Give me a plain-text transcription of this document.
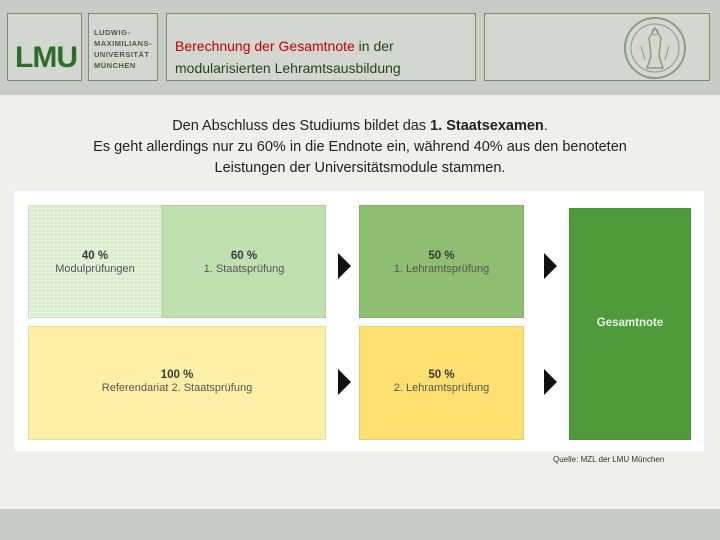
LMU
LUDWIG-
MAXIMILIANS-
UNIVERSITÄT
MÜNCHEN
Berechnung der Gesamtnote in der
modularisierten Lehramtsausbildung
Den Abschluss des Studiums bildet das 1. Staatsexamen.
Es geht allerdings nur zu 60% in die Endnote ein, während 40% aus den benoteten
Leistungen der Universitätsmodule stammen.
40 %
Modulprüfungen
60 %
1. Staatsprüfung
50 %
1. Lehramtsprüfung
Gesamtnote
100 %
Referendariat 2. Staatsprüfung
50 %
2. Lehramtsprüfung
Quelle: MZL der LMU München
